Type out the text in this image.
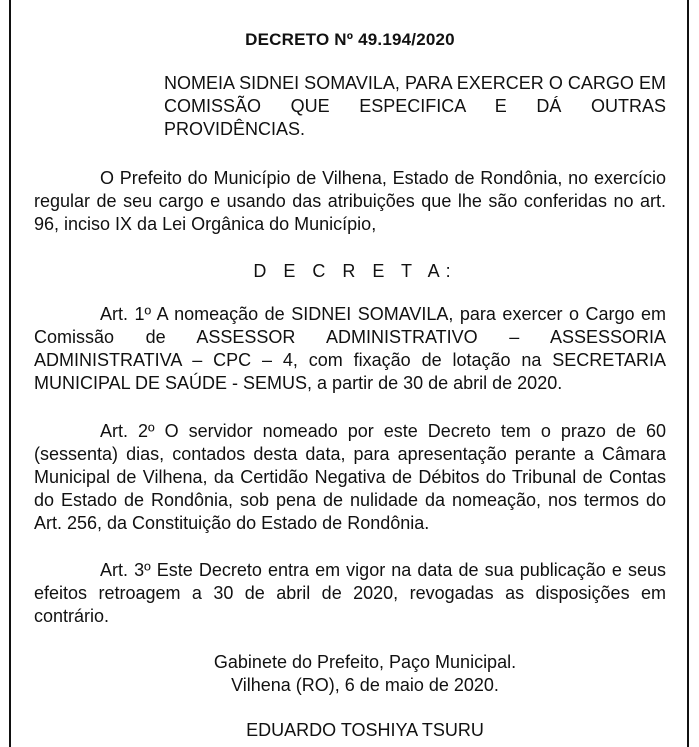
DECRETO Nº 49.194/2020
NOMEIA SIDNEI SOMAVILA, PARA EXERCER O CARGO EM COMISSÃO QUE ESPECIFICA E DÁ OUTRAS PROVIDÊNCIAS.
O Prefeito do Município de Vilhena, Estado de Rondônia, no exercício regular de seu cargo e usando das atribuições que lhe são conferidas no art. 96, inciso IX da Lei Orgânica do Município,
D E C R E T A:
Art. 1º A nomeação de SIDNEI SOMAVILA, para exercer o Cargo em Comissão de ASSESSOR ADMINISTRATIVO – ASSESSORIA ADMINISTRATIVA – CPC – 4, com fixação de lotação na SECRETARIA MUNICIPAL DE SAÚDE - SEMUS, a partir de 30 de abril de 2020.
Art. 2º O servidor nomeado por este Decreto tem o prazo de 60 (sessenta) dias, contados desta data, para apresentação perante a Câmara Municipal de Vilhena, da Certidão Negativa de Débitos do Tribunal de Contas do Estado de Rondônia, sob pena de nulidade da nomeação, nos termos do Art. 256, da Constituição do Estado de Rondônia.
Art. 3º Este Decreto entra em vigor na data de sua publicação e seus efeitos retroagem a 30 de abril de 2020, revogadas as disposições em contrário.
Gabinete do Prefeito, Paço Municipal.
Vilhena (RO), 6 de maio de 2020.
EDUARDO TOSHIYA TSURU
